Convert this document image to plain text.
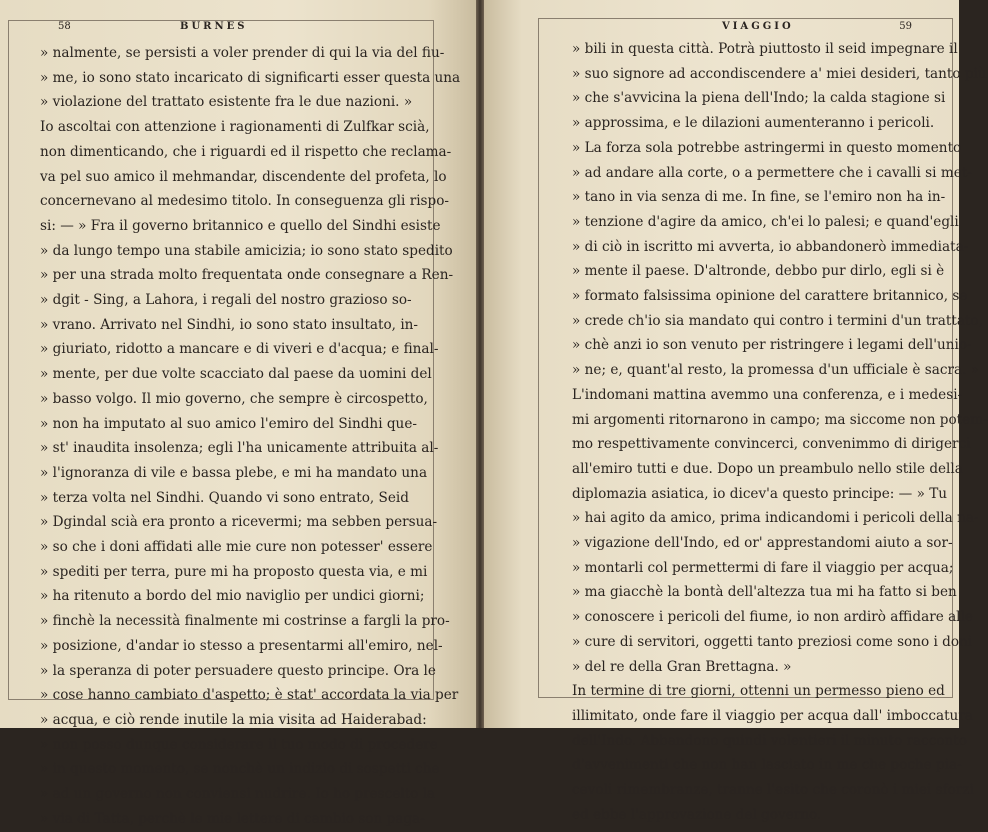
58	BURNES
» nalmente, se persisti a voler prender di qui la via del fiu-
» me, io sono stato incaricato di significarti esser questa una
» violazione del trattato esistente fra le due nazioni. »
Io ascoltai con attenzione i ragionamenti di Zulfkar scià,
non dimenticando, che i riguardi ed il rispetto che reclama-
va pel suo amico il mehmandar, discendente del profeta, lo
concernevano al medesimo titolo. In conseguenza gli rispo-
si: — » Fra il governo britannico e quello del Sindhi esiste
» da lungo tempo una stabile amicizia; io sono stato spedito
» per una strada molto frequentata onde consegnare a Ren-
» dgit - Sing, a Lahora, i regali del nostro grazioso so-
» vrano. Arrivato nel Sindhi, io sono stato insultato, in-
» giuriato, ridotto a mancare e di viveri e d'acqua; e final-
» mente, per due volte scacciato dal paese da uomini del
» basso volgo. Il mio governo, che sempre è circospetto,
» non ha imputato al suo amico l'emiro del Sindhi que-
» st' inaudita insolenza; egli l'ha unicamente attribuita al-
» l'ignoranza di vile e bassa plebe, e mi ha mandato una
» terza volta nel Sindhi. Quando vi sono entrato, Seid
» Dgindal scià era pronto a ricevermi; ma sebben persua-
» so che i doni affidati alle mie cure non potesser' essere
» spediti per terra, pure mi ha proposto questa via, e mi
» ha ritenuto a bordo del mio naviglio per undici giorni;
» finchè la necessità finalmente mi costrinse a fargli la pro-
» posizione, d'andar io stesso a presentarmi all'emiro, nel-
» la speranza di poter persuadere questo principe. Ora le
» cose hanno cambiato d'aspetto; è stat' accordata la via per
» acqua, e ciò rende inutile la mia visita ad Haiderabad:
» non posso dunque considerare il tuo modo di procedere
» in questo momento, se nonchè un indizio di sospetti che
» ad un governo non conviensi nudrire. Io ho prescelto la
» via di Tatta, perchè le mie lettere di cambio son paga-
VIAGGIO	59
» bili in questa città. Potrà piuttosto il seid impegnare il
» suo signore ad accondiscendere a' miei desideri, tanto più
» che s'avvicina la piena dell'Indo; la calda stagione si
» approssima, e le dilazioni aumenteranno i pericoli.
» La forza sola potrebbe astringermi in questo momento
» ad andare alla corte, o a permettere che i cavalli si met-
» tano in via senza di me. In fine, se l'emiro non ha in-
» tenzione d'agire da amico, ch'ei lo palesi; e quand'egli
» di ciò in iscritto mi avverta, io abbandonerò immediata-
» mente il paese. D'altronde, debbo pur dirlo, egli si è
» formato falsissima opinione del carattere britannico, se
» crede ch'io sia mandato qui contro i termini d'un trattato,
» chè anzi io son venuto per ristringere i legami dell'unio-
» ne; e, quant'al resto, la promessa d'un ufficiale è sacra. »
L'indomani mattina avemmo una conferenza, e i medesi-
mi argomenti ritornarono in campo; ma siccome non potem-
mo respettivamente convincerci, convenimmo di dirigerci
all'emiro tutti e due. Dopo un preambulo nello stile della
diplomazia asiatica, io dicev'a questo principe: — » Tu
» hai agito da amico, prima indicandomi i pericoli della na-
» vigazione dell'Indo, ed or' apprestandomi aiuto a sor-
» montarli col permettermi di fare il viaggio per acqua;
» ma giacchè la bontà dell'altezza tua mi ha fatto si ben
» conoscere i pericoli del fiume, io non ardirò affidare alle
» cure di servitori, oggetti tanto preziosi come sono i doni
» del re della Gran Brettagna. »
In termine di tre giorni, ottenni un permesso pieno ed
illimitato, onde fare il viaggio per acqua dall' imboccatura
dell'Indo. Abbandono quindi volentieri il minuto racconto
d'avvenimenti che non han lasciato in me che poche pia-
cevoli rimembranze, tranne l'esito che coronò i miei sforzi
ed ebbe l'approvazione del governo.
